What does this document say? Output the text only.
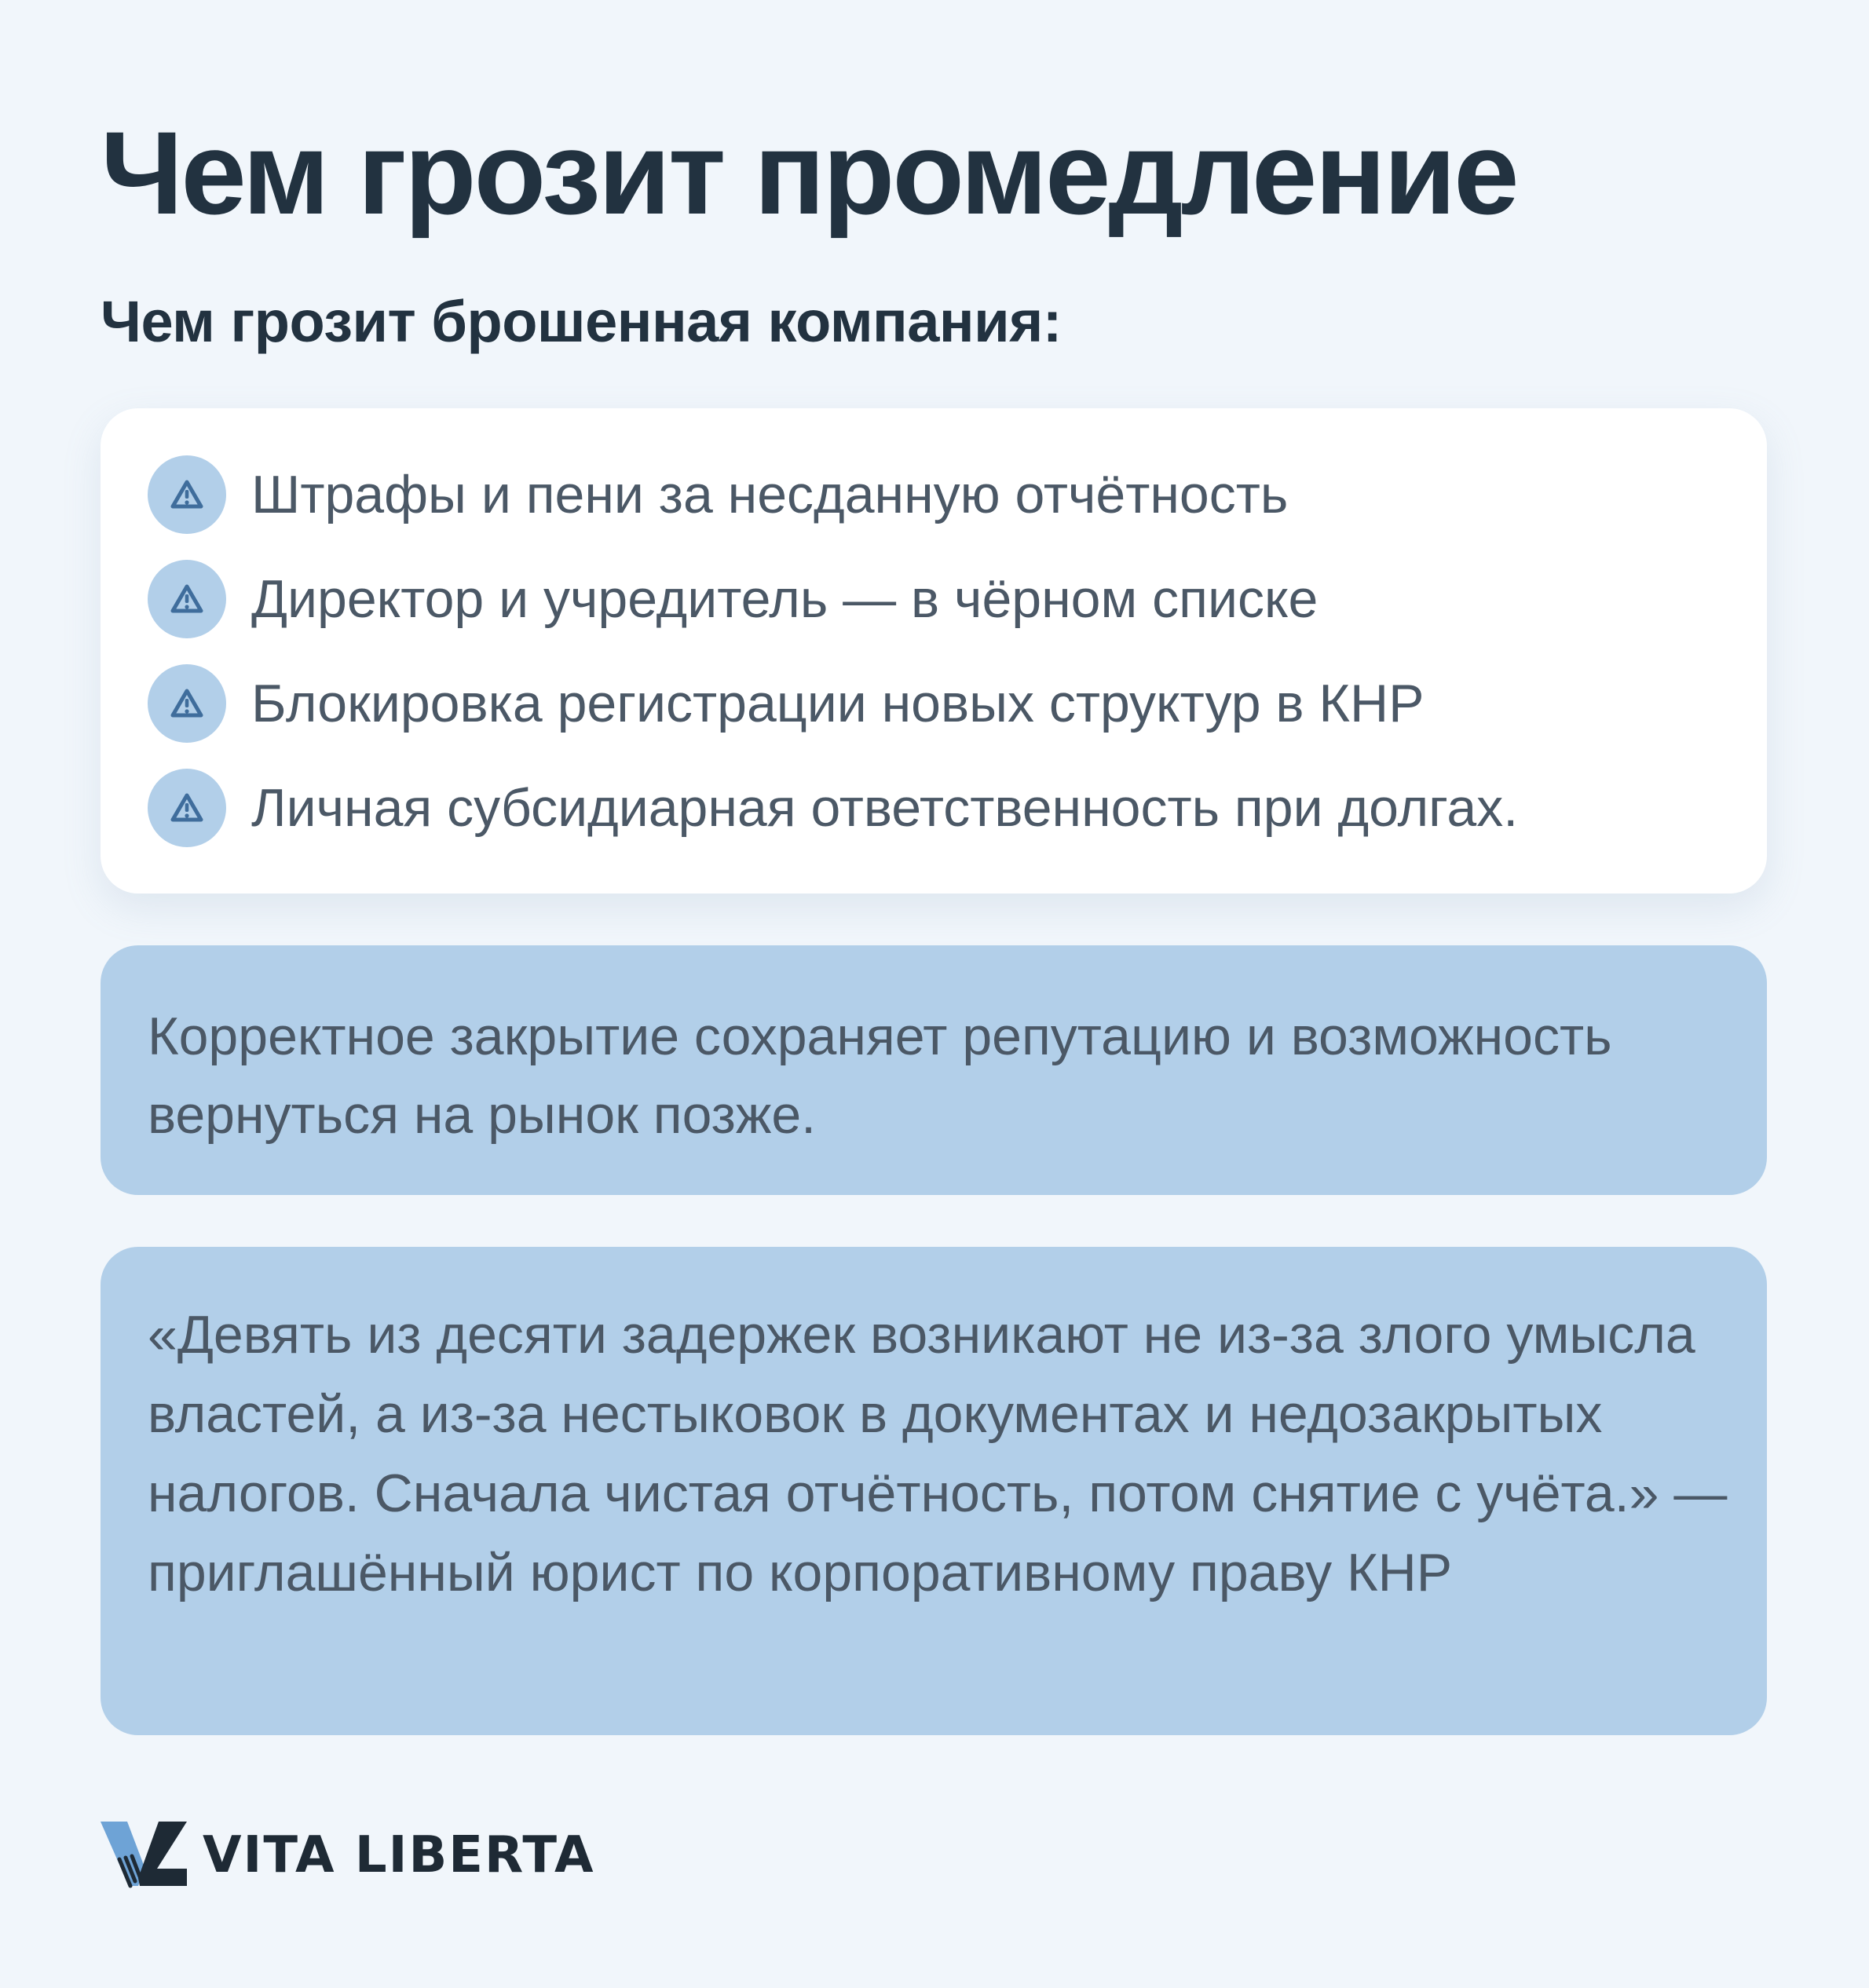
Чем грозит промедление
Чем грозит брошенная компания:
Штрафы и пени за несданную отчётность
Директор и учредитель — в чёрном списке
Блокировка регистрации новых структур в КНР
Личная субсидиарная ответственность при долгах.

Корректное закрытие сохраняет репутацию и возможность вернуться на рынок позже.

«Девять из десяти задержек возникают не из‑за злого умысла властей, а из‑за нестыковок в документах и недозакрытых налогов. Сначала чистая отчётность, потом снятие с учёта.» — приглашённый юрист по корпоративному праву КНР

VITA LIBERTA
